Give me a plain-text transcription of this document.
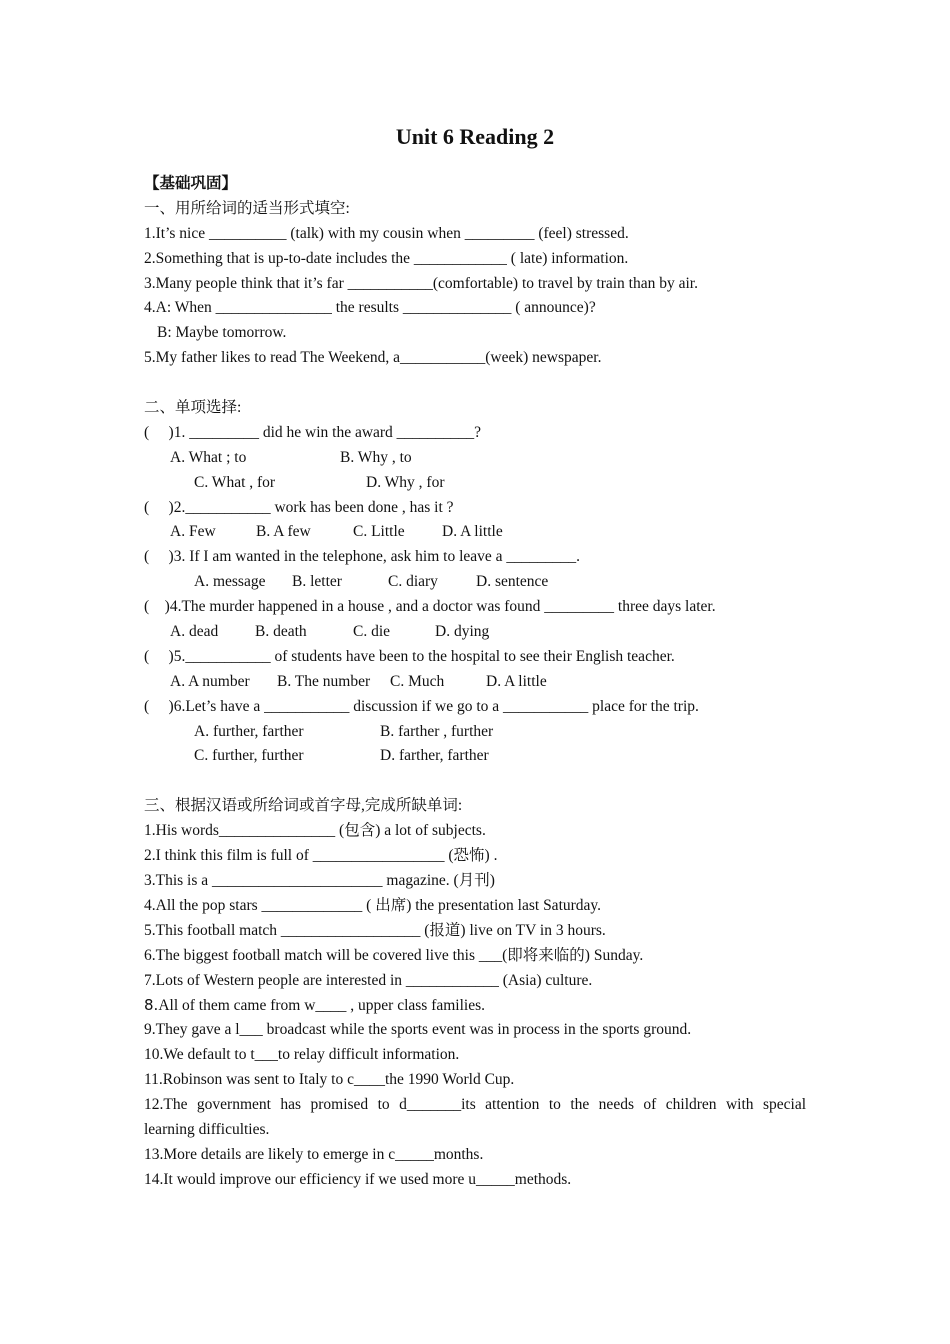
Unit 6 Reading 2
【基础巩固】
一、用所给词的适当形式填空:
1.It’s nice __________ (talk) with my cousin when _________ (feel) stressed.
2.Something that is up-to-date includes the ____________ ( late) information.
3.Many people think that it’s far ___________(comfortable) to travel by train than by air.
4.A: When _______________ the results ______________ ( announce)?
B: Maybe tomorrow.
5.My father likes to read The Weekend, a___________(week) newspaper.
二、单项选择:
(     )1. _________ did he win the award __________?
A. What ; to	B. Why , to
C. What , for	D. Why , for
(     )2.___________ work has been done , has it ?
A. Few	B. A few	C. Little	D. A little
(     )3. If I am wanted in the telephone, ask him to leave a _________.
A. message	B. letter	C. diary	D. sentence
(    )4.The murder happened in a house , and a doctor was found _________ three days later.
A. dead	B. death	C. die	D. dying
(     )5.___________ of students have been to the hospital to see their English teacher.
A. A number	B. The number	C. Much	D. A little
(     )6.Let’s have a ___________ discussion if we go to a ___________ place for the trip.
A. further, farther	B. farther , further
C. further, further	D. farther, farther
三、根据汉语或所给词或首字母,完成所缺单词:
1.His words_______________ (包含) a lot of subjects.
2.I think this film is full of _________________ (恐怖) .
3.This is a ______________________ magazine. (月刊)
4.All the pop stars _____________ ( 出席) the presentation last Saturday.
5.This football match __________________ (报道) live on TV in 3 hours.
6.The biggest football match will be covered live this ___(即将来临的) Sunday.
7.Lots of Western people are interested in ____________ (Asia) culture.
8.All of them came from w____ , upper class families.
9.They gave a l___ broadcast while the sports event was in process in the sports ground.
10.We default to t___to relay difficult information.
11.Robinson was sent to Italy to c____the 1990 World Cup.
12.The government has promised to d_______its attention to the needs of children with special
learning difficulties.
13.More details are likely to emerge in c_____months.
14.It would improve our efficiency if we used more u_____methods.
